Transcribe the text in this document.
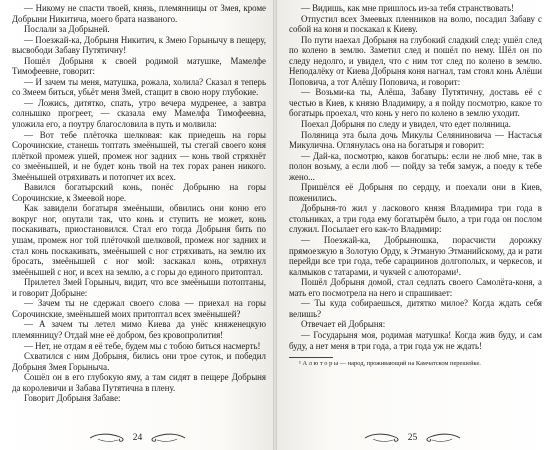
— Никому не спасти твоей, князь, племянницы от Змея, кроме Добрыни Никитича, моего брата названого.

Послали за Добрыней.

— Поезжай-ка, Добрыня Никитич, к Змею Горынычу в пещеру, высвободи Забаву Путятичну!

Пошёл Добрыня к своей родимой матушке, Мамелфе Тимофеевне, говорит:

— И зачем ты меня, матушка, рожала, холила? Сказал я теперь со Змеем биться, убьёт меня Змей, стащит в свою нору глубокие.

— Ложись, дитятко, спать, утро вечера мудренее, а завтра солнышко прогреет, — сказала ему Мамелфа Тимофеевна, уложила его, а поутру благословила в путь и молвила:

— Вот тебе плёточка шелковая: как приедешь на горы Сорочинские, станешь топтать змеёнышей, ты стегай своего коня плёткой промеж ушей, промеж ног задних — конь твой стряхнёт со змеёнышей, и не будет конь твой на тех горах ранен никого. Змеёнышей отряхивать и потопчет их всех.

Вавился богатырский конь, понёс Добрыню на горы Сорочинские, к Змеевой норе.

Как завидели богатыря змеёныши, обвились они коню его вокруг ног, опутали так, что конь и ступить не может, конь поскакивать, приостановился. Стал его тогда Добрыня бить по ушам, промеж ног той плёточкой шелковой, промеж ног задних и стал конь поскакивать, змеёнышей с ног стряхивать, на землю их бросать, змеёнышей с ног мой: заскакал конь, отряхнул змеёнышей с ног, и всех на землю, а с горы до единого притоптал.

Прилетел Змей Горыныч, видит, что все змеёныши потоптаны, и говорит Добрыне:

— Зачем ты не сдержал своего слова — приехал на горы Сорочинские, змеёнышей моих притоптал всех змеёнышей?

— А зачем ты летел мимо Киева да унёс княженецкую племянницу? Отдай мне её добром, без кровопролития!

— Нет, не отдам я её тебе, будем мы с тобою биться насмерть!

Схватился с ним Добрыня, бились они трое суток, и победил Добрыня Змея Горыныча.

Сошёл он в его глубокую яму, а там сидят в пещере Добрыня да королевичи и Забава Путятична в плену.

Говорит Добрыня Забаве:

24

— Видишь, как мне пришлось из-за тебя странствовать!

Отпустил всех Змеевых пленников на волю, посадил Забаву с собой на коня и поскакал к Киеву.

По пути наехал Добрыня на глубокий сладкий след: ушёл след по колено в землю. Заметил след и пошёл по нему. Шёл он по следу недолго, и увидел, что с ним тот след по колено в землю. Неподалёку от Киева Добрыня коня нагнал, там стоял конь Алёши Поповича, а тот Алёшу Поповича, и говорит:

— Возьми-ка ты, Алёша, Забаву Путятичну, доставь её с честью в Киев, к князю Владимиру, а я пойду посмотрю, какое то богатырь проехал, что конь у него по колено в землю уходит.

Поехал Добрыня по следу и увидел, что едет поляница.

Поляница эта была дочь Микулы Селяниновича — Настасья Микулична. Оглянулась она на богатыря и говорит:

— Дай-ка, посмотрю, каков богатырь: если не люб мне, так в полон возьму, а если люб — пойду за тебя замуж, а поеду к тебе жено...

Пришёлся её Добрыня по сердцу, и поехали они в Киев, поженились.

Добрыня-то жил у ласкового князя Владимира три года в стольниках, а три года ему богатырём было, а три года он послом служил. Посылает его как-то Владимир:

— Поезжай-ка, Добрынюшка, порасчисти дорожку прямоезжую в Золотую Орду, к Этманую Этманийскому, да и рати перейди все три года, тебе сарациинов долгополых, и черкесов, и калмыков с татарами, и чукчей с алюторами¹.

Пошёл Добрыня домой, стал седлать своего Самолёта-коня, а мать его посмотрела на него и спрашивает:

— Ты куда собираешься, дитятко милое? Когда ждать себя велишь?

Отвечает ей Добрыня:

— Государыня моя, родимая матушка! Когда жив буду, и сам буду, а нет меня в три года, а три года уж не ждать!

¹ А л ю т о р ы — народ, проживающий на Камчатском перешейке.

25
